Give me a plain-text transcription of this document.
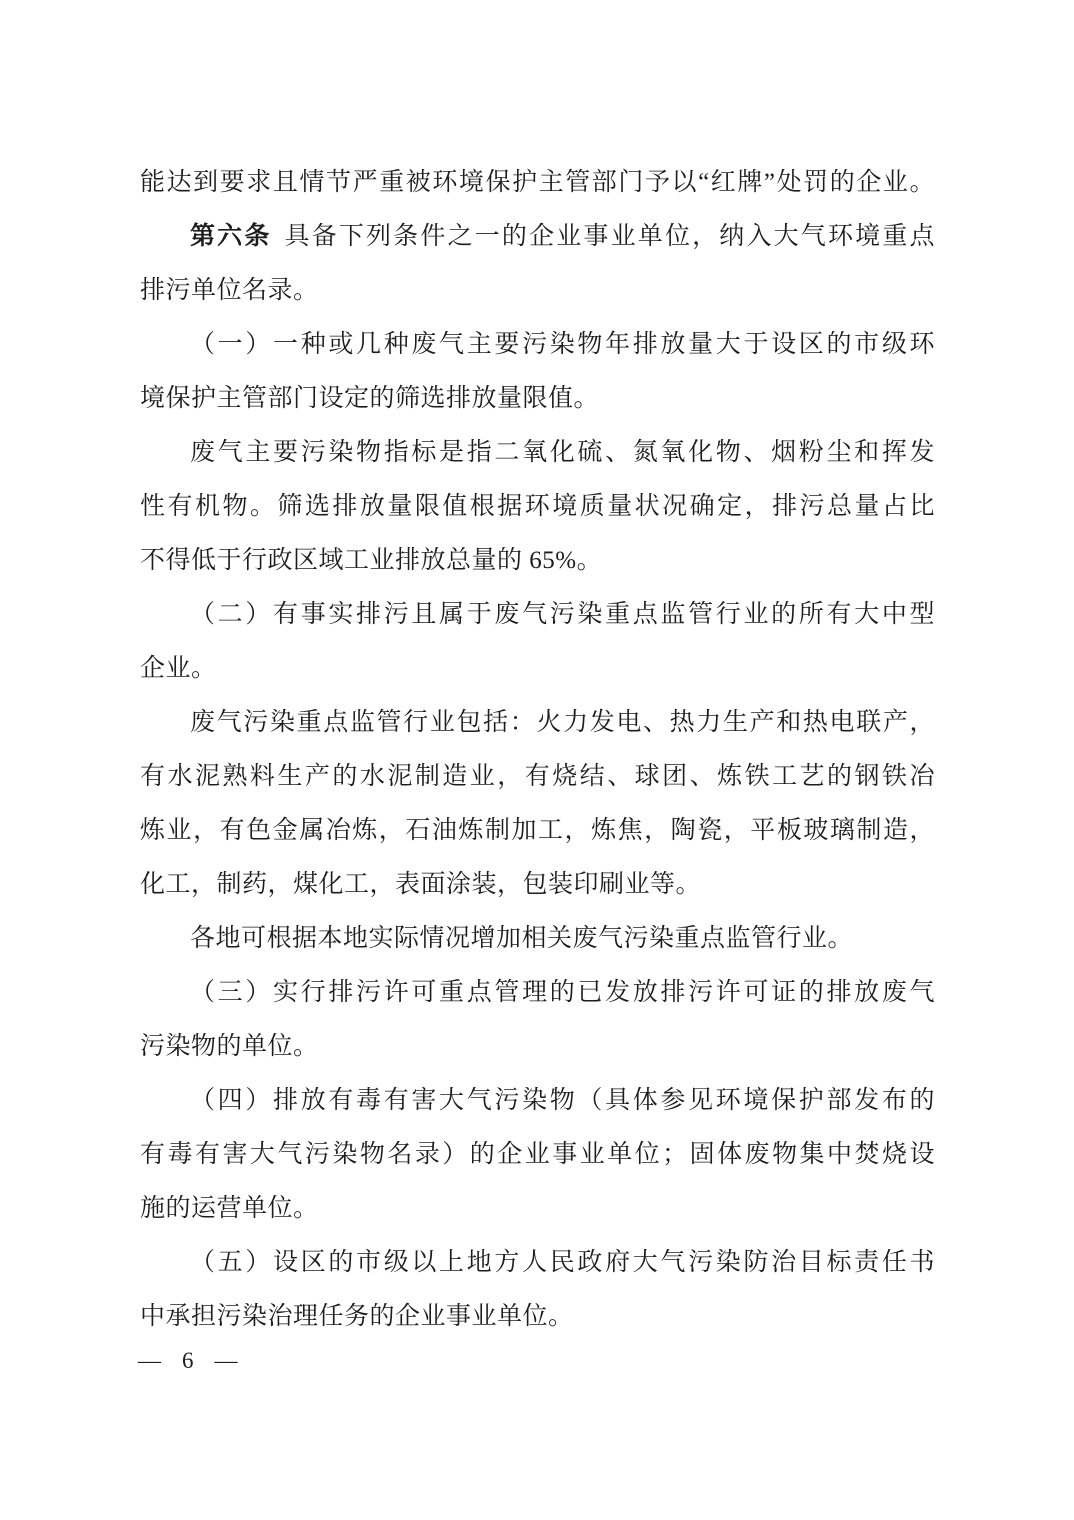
能达到要求且情节严重被环境保护主管部门予以“红牌”处罚的企业。
第六条 具备下列条件之一的企业事业单位，纳入大气环境重点
排污单位名录。
（一）一种或几种废气主要污染物年排放量大于设区的市级环
境保护主管部门设定的筛选排放量限值。
废气主要污染物指标是指二氧化硫、氮氧化物、烟粉尘和挥发
性有机物。筛选排放量限值根据环境质量状况确定，排污总量占比
不得低于行政区域工业排放总量的 65%。
（二）有事实排污且属于废气污染重点监管行业的所有大中型
企业。
废气污染重点监管行业包括：火力发电、热力生产和热电联产，
有水泥熟料生产的水泥制造业，有烧结、球团、炼铁工艺的钢铁冶
炼业，有色金属冶炼，石油炼制加工，炼焦，陶瓷，平板玻璃制造，
化工，制药，煤化工，表面涂装，包装印刷业等。
各地可根据本地实际情况增加相关废气污染重点监管行业。
（三）实行排污许可重点管理的已发放排污许可证的排放废气
污染物的单位。
（四）排放有毒有害大气污染物（具体参见环境保护部发布的
有毒有害大气污染物名录）的企业事业单位；固体废物集中焚烧设
施的运营单位。
（五）设区的市级以上地方人民政府大气污染防治目标责任书
中承担污染治理任务的企业事业单位。
— 6 —
